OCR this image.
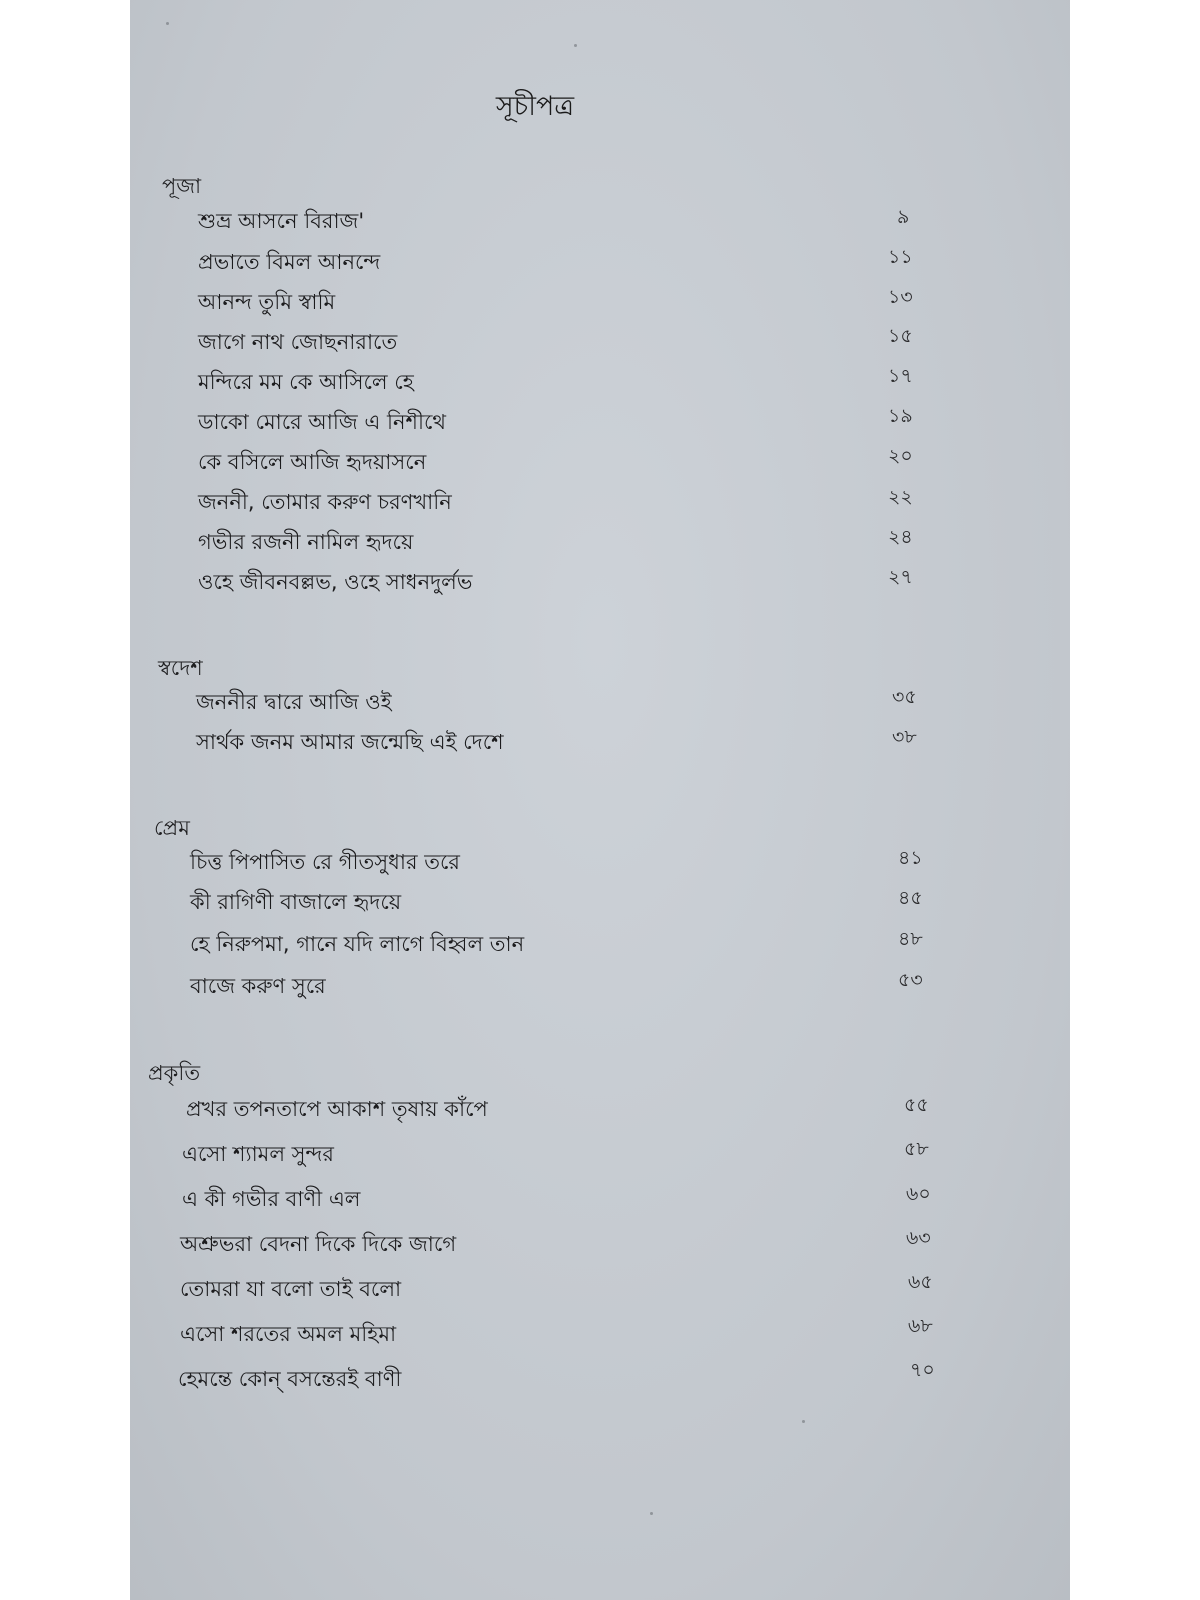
সূচীপত্র
পূজা
শুভ্র আসনে বিরাজ'	৯
প্রভাতে বিমল আনন্দে	১১
আনন্দ তুমি স্বামি	১৩
জাগে নাথ জোছনারাতে	১৫
মন্দিরে মম কে আসিলে হে	১৭
ডাকো মোরে আজি এ নিশীথে	১৯
কে বসিলে আজি হৃদয়াসনে	২০
জননী, তোমার করুণ চরণখানি	২২
গভীর রজনী নামিল হৃদয়ে	২৪
ওহে জীবনবল্লভ, ওহে সাধনদুর্লভ	২৭
স্বদেশ
জননীর দ্বারে আজি ওই	৩৫
সার্থক জনম আমার জন্মেছি এই দেশে	৩৮
প্রেম
চিত্ত পিপাসিত রে গীতসুধার তরে	৪১
কী রাগিণী বাজালে হৃদয়ে	৪৫
হে নিরুপমা, গানে যদি লাগে বিহ্বল তান	৪৮
বাজে করুণ সুরে	৫৩
প্রকৃতি
প্রখর তপনতাপে আকাশ তৃষায় কাঁপে	৫৫
এসো শ্যামল সুন্দর	৫৮
এ কী গভীর বাণী এল	৬০
অশ্রুভরা বেদনা দিকে দিকে জাগে	৬৩
তোমরা যা বলো তাই বলো	৬৫
এসো শরতের অমল মহিমা	৬৮
হেমন্তে কোন্ বসন্তেরই বাণী	৭০
